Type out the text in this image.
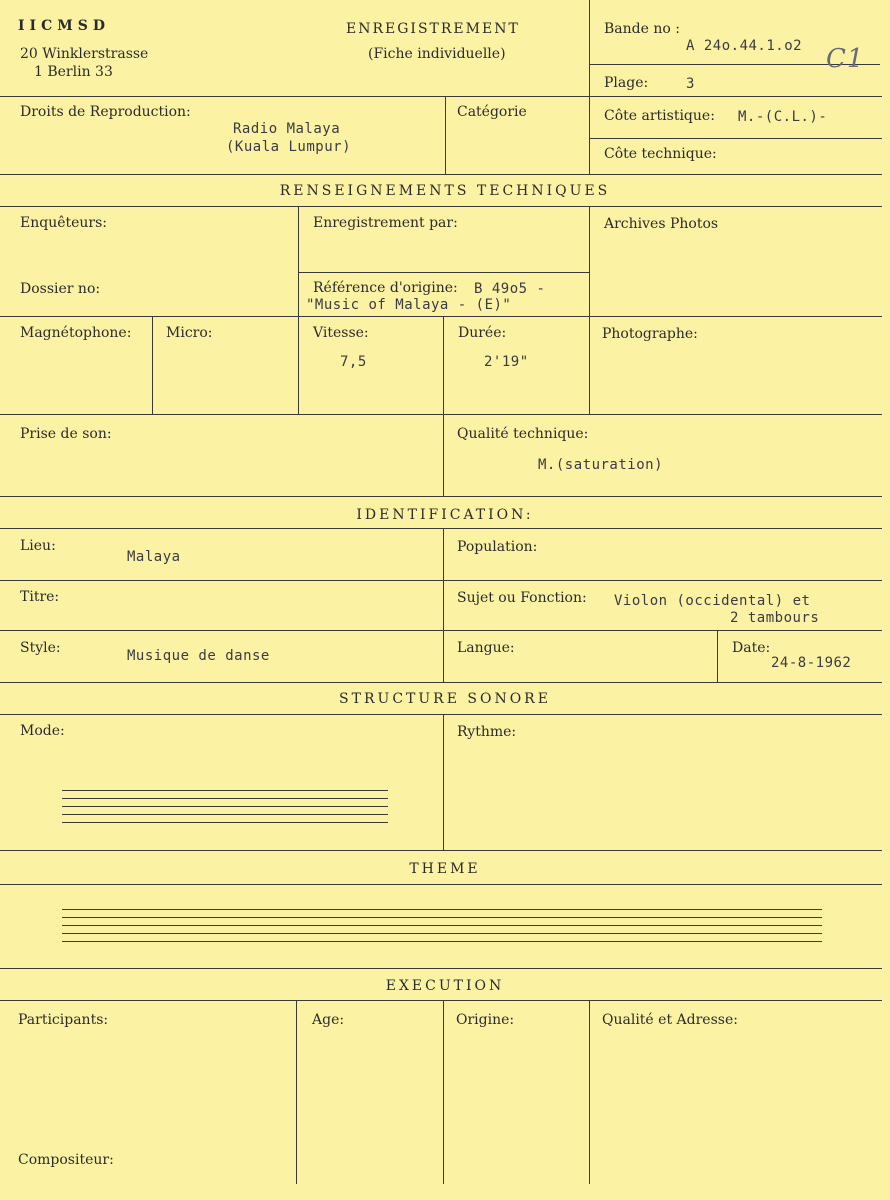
IICMSD
20 Winklerstrasse
1 Berlin 33
ENREGISTREMENT
(Fiche individuelle)
Bande no :
A 24o.44.1.o2 C1
Plage:	3
Droits de Reproduction:
Radio Malaya
(Kuala Lumpur)
Catégorie	Côte artistique: M.-(C.L.)-
Côte technique:
RENSEIGNEMENTS TECHNIQUES
Enquêteurs:	Enregistrement par:	Archives Photos
Dossier no:	Référence d'origine: B 49o5 -
"Music of Malaya - (E)"
Magnétophone: Micro:	Vitesse:
7,5
Durée:
2'19"
Photographe:
Prise de son:	Qualité technique:
M.(saturation)
IDENTIFICATION:
Lieu:
Malaya
Population:
Titre:	Sujet ou Fonction: Violon (occidental) et
2 tambours
Style:	Musique de danse	Langue:	Date:
24-8-1962
STRUCTURE SONORE
Mode:	Rythme:
THEME
EXECUTION
Participants:	Age:	Origine:	Qualité et Adresse:
Compositeur:
